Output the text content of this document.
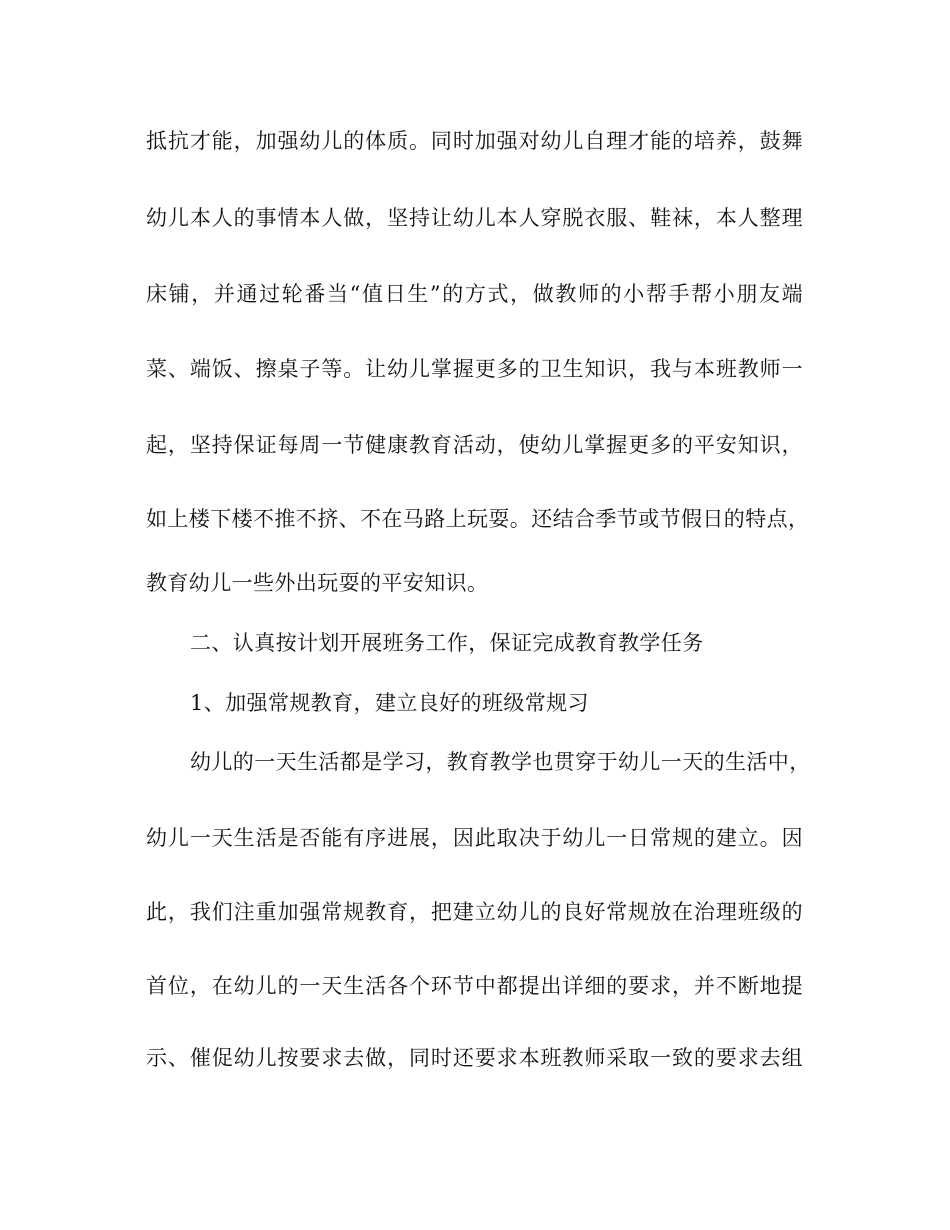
抵抗才能，加强幼儿的体质。同时加强对幼儿自理才能的培养，鼓舞
幼儿本人的事情本人做，坚持让幼儿本人穿脱衣服、鞋袜，本人整理
床铺，并通过轮番当“值日生”的方式，做教师的小帮手帮小朋友端
菜、端饭、擦桌子等。让幼儿掌握更多的卫生知识，我与本班教师一
起，坚持保证每周一节健康教育活动，使幼儿掌握更多的平安知识，
如上楼下楼不推不挤、不在马路上玩耍。还结合季节或节假日的特点，
教育幼儿一些外出玩耍的平安知识。
二、认真按计划开展班务工作，保证完成教育教学任务
1、加强常规教育，建立良好的班级常规习
幼儿的一天生活都是学习，教育教学也贯穿于幼儿一天的生活中，
幼儿一天生活是否能有序进展，因此取决于幼儿一日常规的建立。因
此，我们注重加强常规教育，把建立幼儿的良好常规放在治理班级的
首位，在幼儿的一天生活各个环节中都提出详细的要求，并不断地提
示、催促幼儿按要求去做，同时还要求本班教师采取一致的要求去组
